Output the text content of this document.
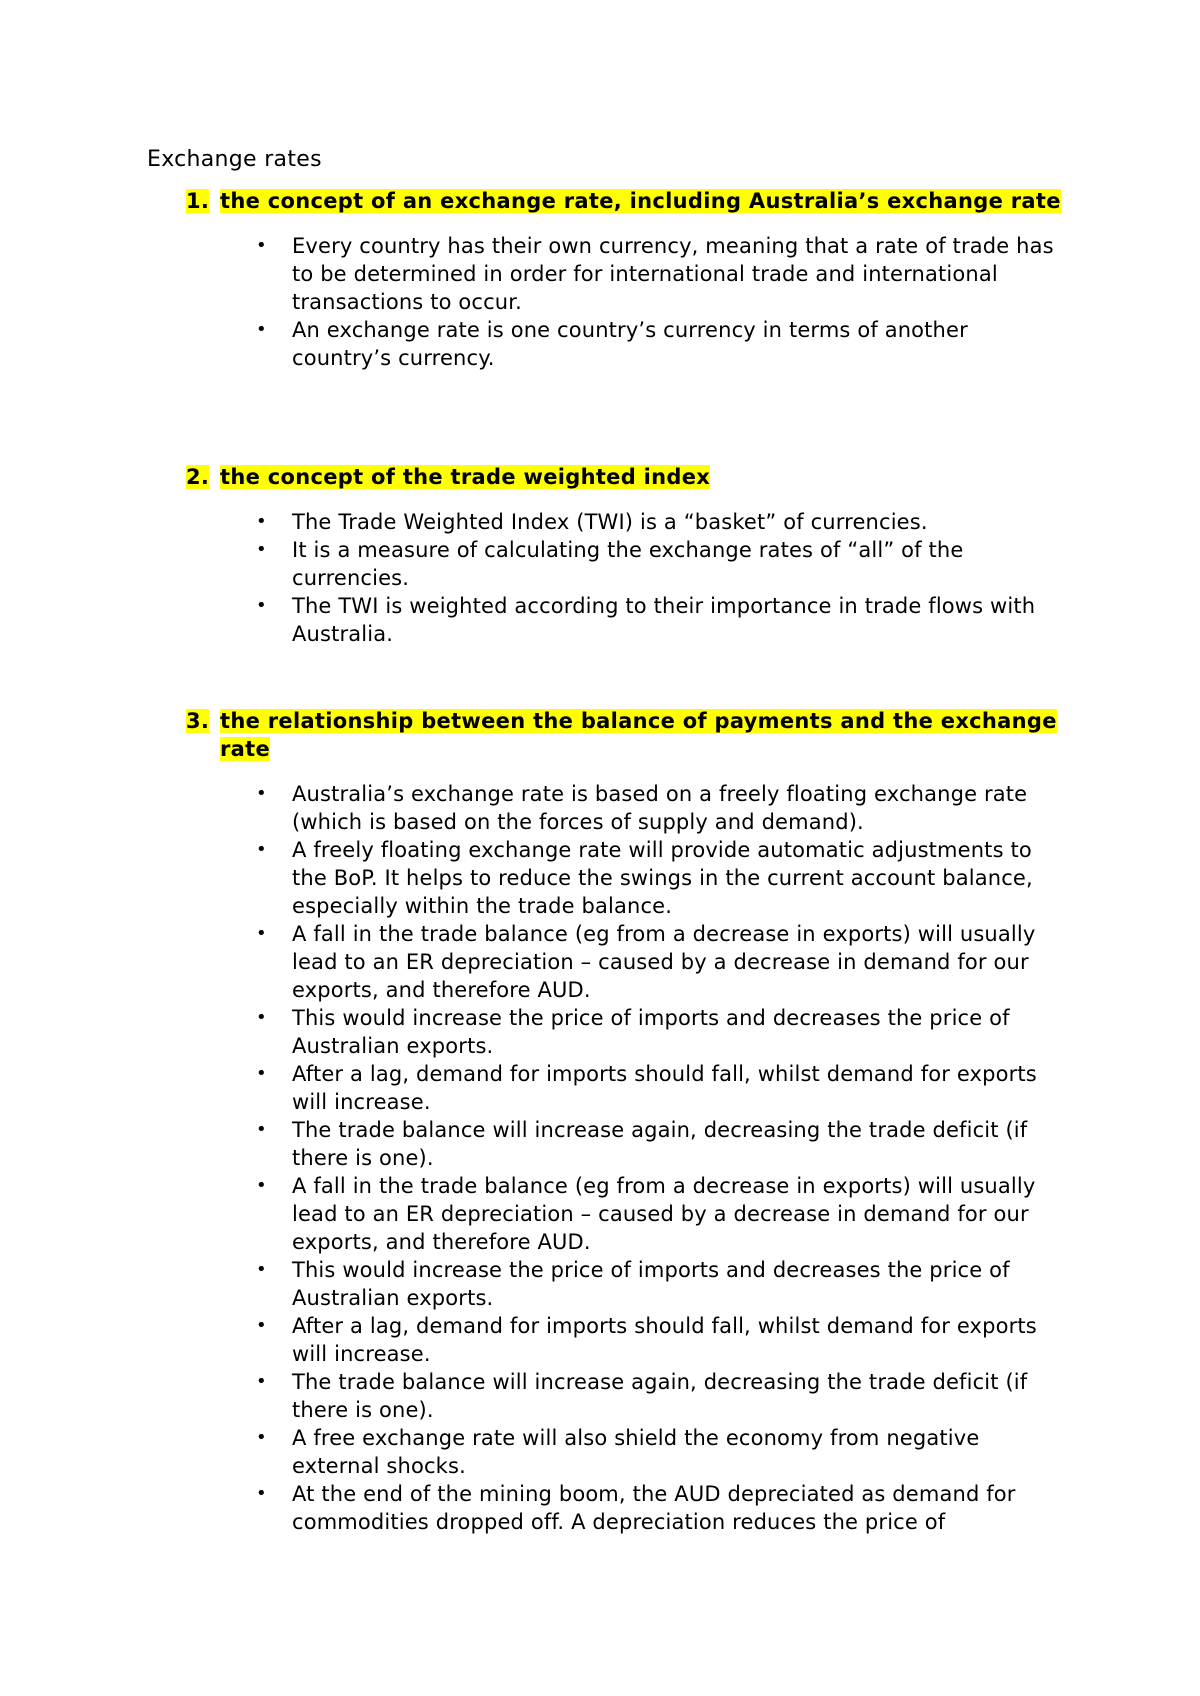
Exchange rates
1. the concept of an exchange rate, including Australia’s exchange rate
• Every country has their own currency, meaning that a rate of trade has to be determined in order for international trade and international transactions to occur.
• An exchange rate is one country’s currency in terms of another country’s currency.
2. the concept of the trade weighted index
• The Trade Weighted Index (TWI) is a “basket” of currencies.
• It is a measure of calculating the exchange rates of “all” of the currencies.
• The TWI is weighted according to their importance in trade flows with Australia.
3. the relationship between the balance of payments and the exchange rate
• Australia’s exchange rate is based on a freely floating exchange rate (which is based on the forces of supply and demand).
• A freely floating exchange rate will provide automatic adjustments to the BoP. It helps to reduce the swings in the current account balance, especially within the trade balance.
• A fall in the trade balance (eg from a decrease in exports) will usually lead to an ER depreciation – caused by a decrease in demand for our exports, and therefore AUD.
• This would increase the price of imports and decreases the price of Australian exports.
• After a lag, demand for imports should fall, whilst demand for exports will increase.
• The trade balance will increase again, decreasing the trade deficit (if there is one).
• A fall in the trade balance (eg from a decrease in exports) will usually lead to an ER depreciation – caused by a decrease in demand for our exports, and therefore AUD.
• This would increase the price of imports and decreases the price of Australian exports.
• After a lag, demand for imports should fall, whilst demand for exports will increase.
• The trade balance will increase again, decreasing the trade deficit (if there is one).
• A free exchange rate will also shield the economy from negative external shocks.
• At the end of the mining boom, the AUD depreciated as demand for commodities dropped off. A depreciation reduces the price of
